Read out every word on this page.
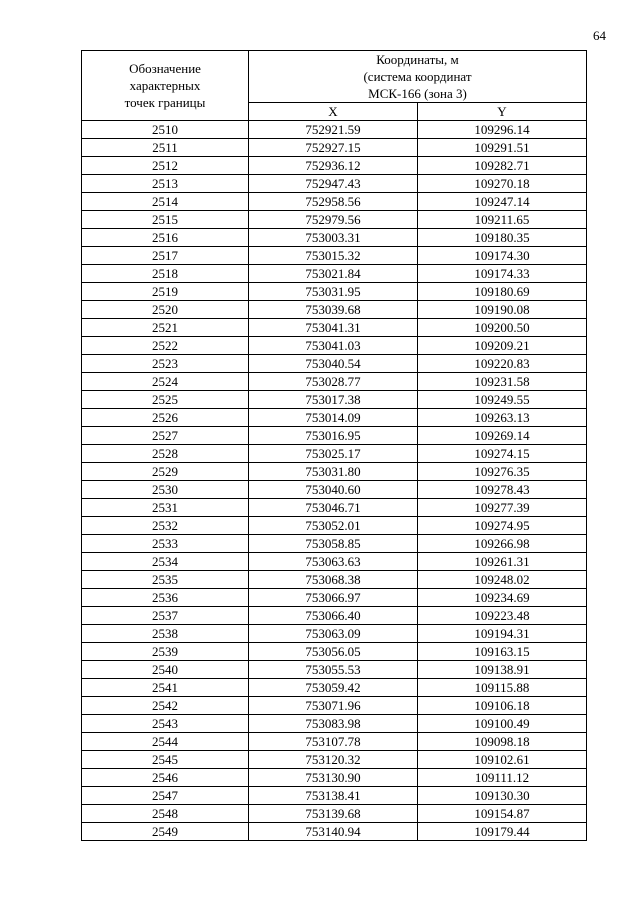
64
Обозначение
характерных
точек границы	Координаты, м
(система координат
МСК-166 (зона 3)	

	X	Y
2510	752921.59	109296.14
2511	752927.15	109291.51
2512	752936.12	109282.71
2513	752947.43	109270.18
2514	752958.56	109247.14
2515	752979.56	109211.65
2516	753003.31	109180.35
2517	753015.32	109174.30
2518	753021.84	109174.33
2519	753031.95	109180.69
2520	753039.68	109190.08
2521	753041.31	109200.50
2522	753041.03	109209.21
2523	753040.54	109220.83
2524	753028.77	109231.58
2525	753017.38	109249.55
2526	753014.09	109263.13
2527	753016.95	109269.14
2528	753025.17	109274.15
2529	753031.80	109276.35
2530	753040.60	109278.43
2531	753046.71	109277.39
2532	753052.01	109274.95
2533	753058.85	109266.98
2534	753063.63	109261.31
2535	753068.38	109248.02
2536	753066.97	109234.69
2537	753066.40	109223.48
2538	753063.09	109194.31
2539	753056.05	109163.15
2540	753055.53	109138.91
2541	753059.42	109115.88
2542	753071.96	109106.18
2543	753083.98	109100.49
2544	753107.78	109098.18
2545	753120.32	109102.61
2546	753130.90	109111.12
2547	753138.41	109130.30
2548	753139.68	109154.87
2549	753140.94	109179.44
